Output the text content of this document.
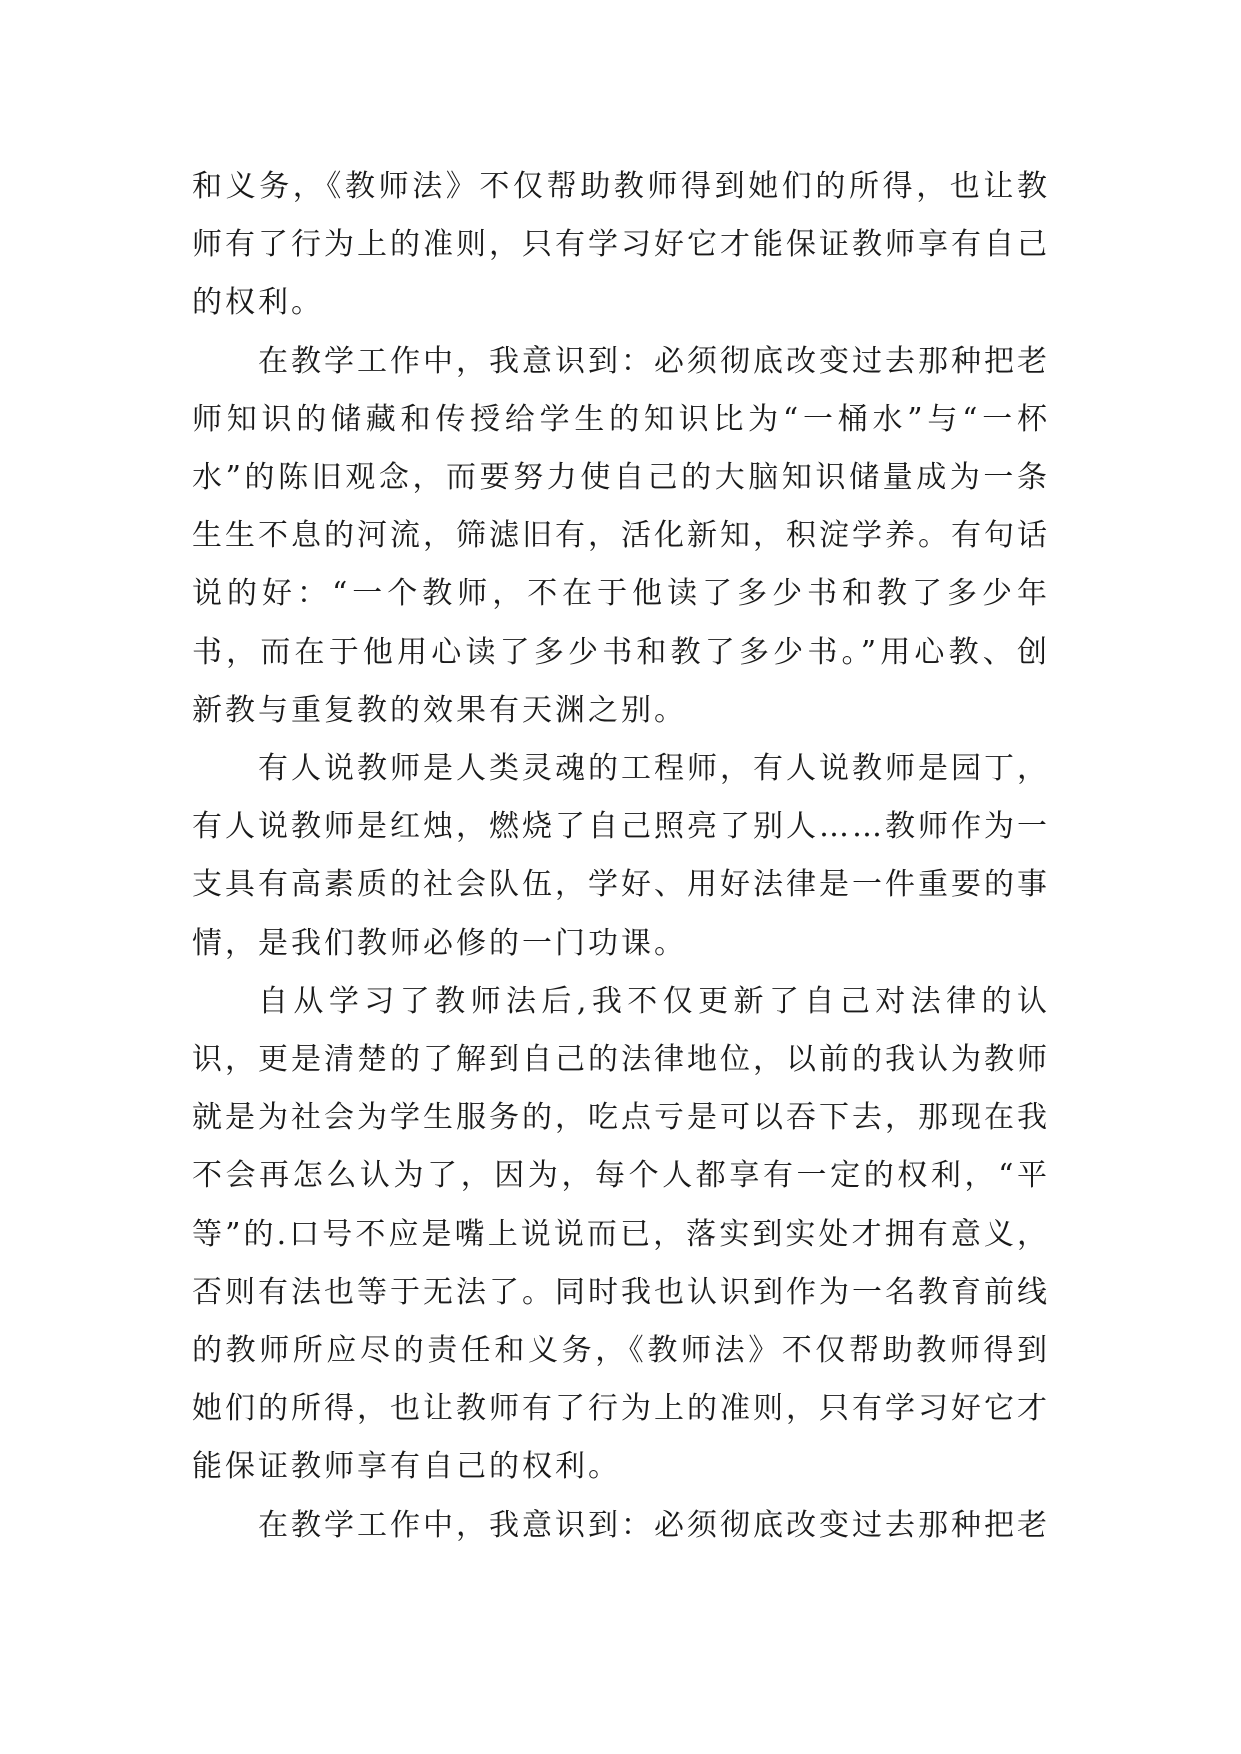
和义务，《教师法》不仅帮助教师得到她们的所得，也让教师有了行为上的准则，只有学习好它才能保证教师享有自己的权利。

在教学工作中，我意识到：必须彻底改变过去那种把老师知识的储藏和传授给学生的知识比为“一桶水”与“一杯水”的陈旧观念，而要努力使自己的大脑知识储量成为一条生生不息的河流，筛滤旧有，活化新知，积淀学养。有句话说的好：“一个教师，不在于他读了多少书和教了多少年书，而在于他用心读了多少书和教了多少书。”用心教、创新教与重复教的效果有天渊之别。

有人说教师是人类灵魂的工程师，有人说教师是园丁，有人说教师是红烛，燃烧了自己照亮了别人……教师作为一支具有高素质的社会队伍，学好、用好法律是一件重要的事情，是我们教师必修的一门功课。

自从学习了教师法后,我不仅更新了自己对法律的认识，更是清楚的了解到自己的法律地位，以前的我认为教师就是为社会为学生服务的，吃点亏是可以吞下去，那现在我不会再怎么认为了，因为，每个人都享有一定的权利，“平等”的.口号不应是嘴上说说而已，落实到实处才拥有意义，否则有法也等于无法了。同时我也认识到作为一名教育前线的教师所应尽的责任和义务，《教师法》不仅帮助教师得到她们的所得，也让教师有了行为上的准则，只有学习好它才能保证教师享有自己的权利。

在教学工作中，我意识到：必须彻底改变过去那种把老
